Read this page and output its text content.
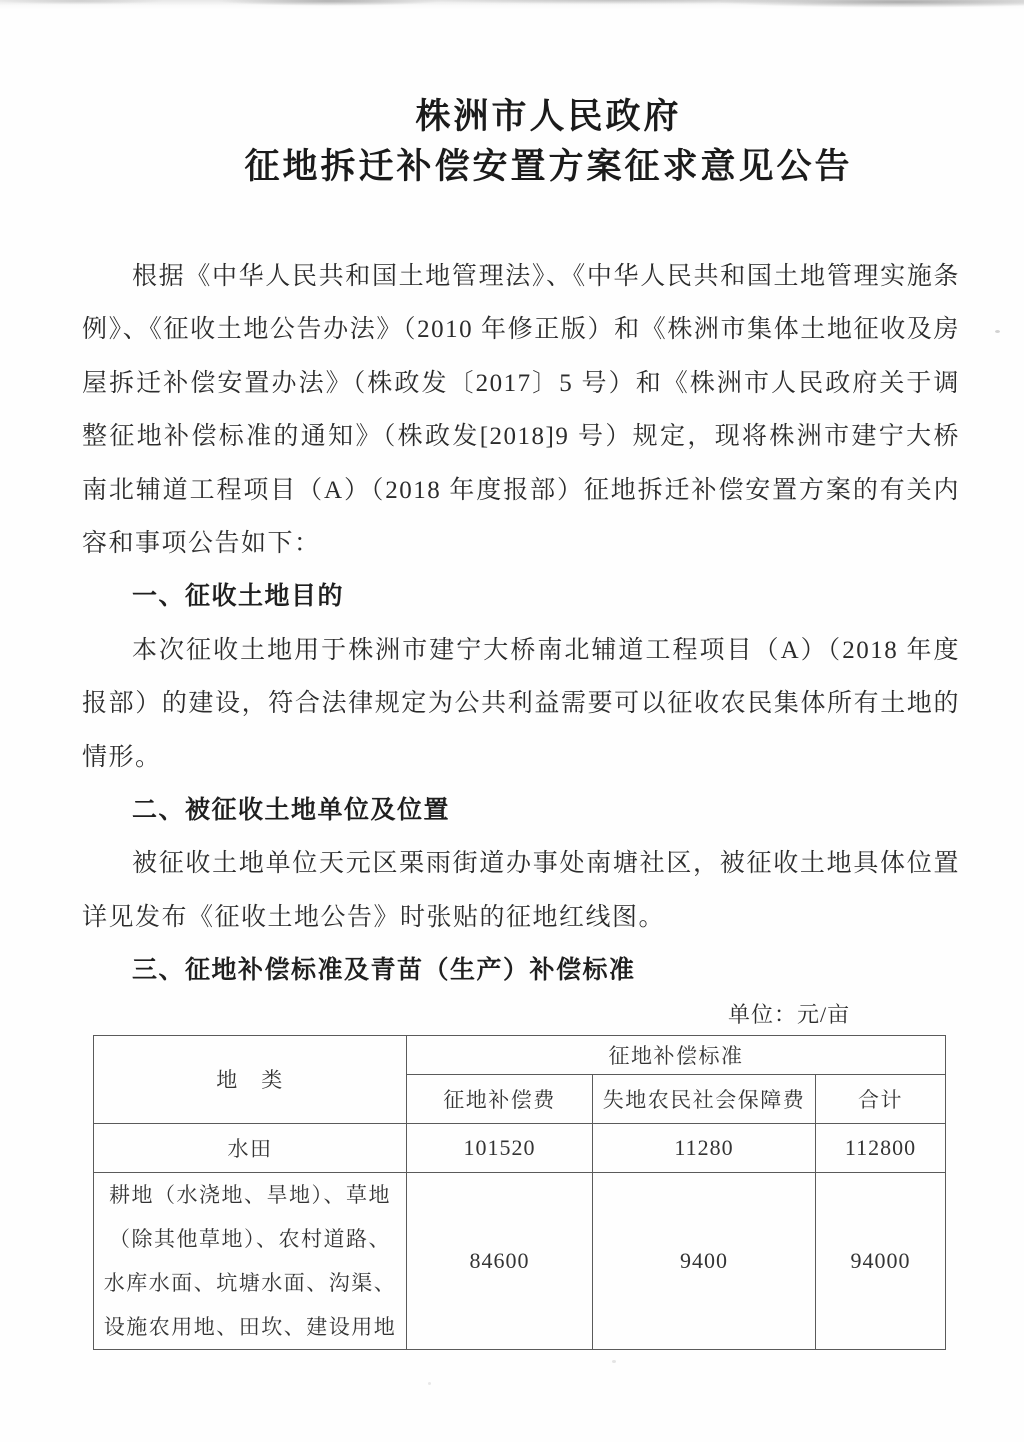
株洲市人民政府
征地拆迁补偿安置方案征求意见公告

根据《中华人民共和国土地管理法》、《中华人民共和国土地管理实施条例》、《征收土地公告办法》（2010 年修正版）和《株洲市集体土地征收及房屋拆迁补偿安置办法》（株政发〔2017〕5 号）和《株洲市人民政府关于调整征地补偿标准的通知》（株政发[2018]9 号）规定，现将株洲市建宁大桥南北辅道工程项目（A）（2018 年度报部）征地拆迁补偿安置方案的有关内容和事项公告如下：

一、征收土地目的

本次征收土地用于株洲市建宁大桥南北辅道工程项目（A）（2018 年度报部）的建设，符合法律规定为公共利益需要可以征收农民集体所有土地的情形。

二、被征收土地单位及位置

被征收土地单位天元区栗雨街道办事处南塘社区，被征收土地具体位置详见发布《征收土地公告》时张贴的征地红线图。

三、征地补偿标准及青苗（生产）补偿标准

单位：元/亩
地　类	征地补偿标准		
	征地补偿费	失地农民社会保障费	合计
水田	101520	11280	112800
耕地（水浇地、旱地）、草地（除其他草地）、农村道路、水库水面、坑塘水面、沟渠、设施农用地、田坎、建设用地	84600	9400	94000
